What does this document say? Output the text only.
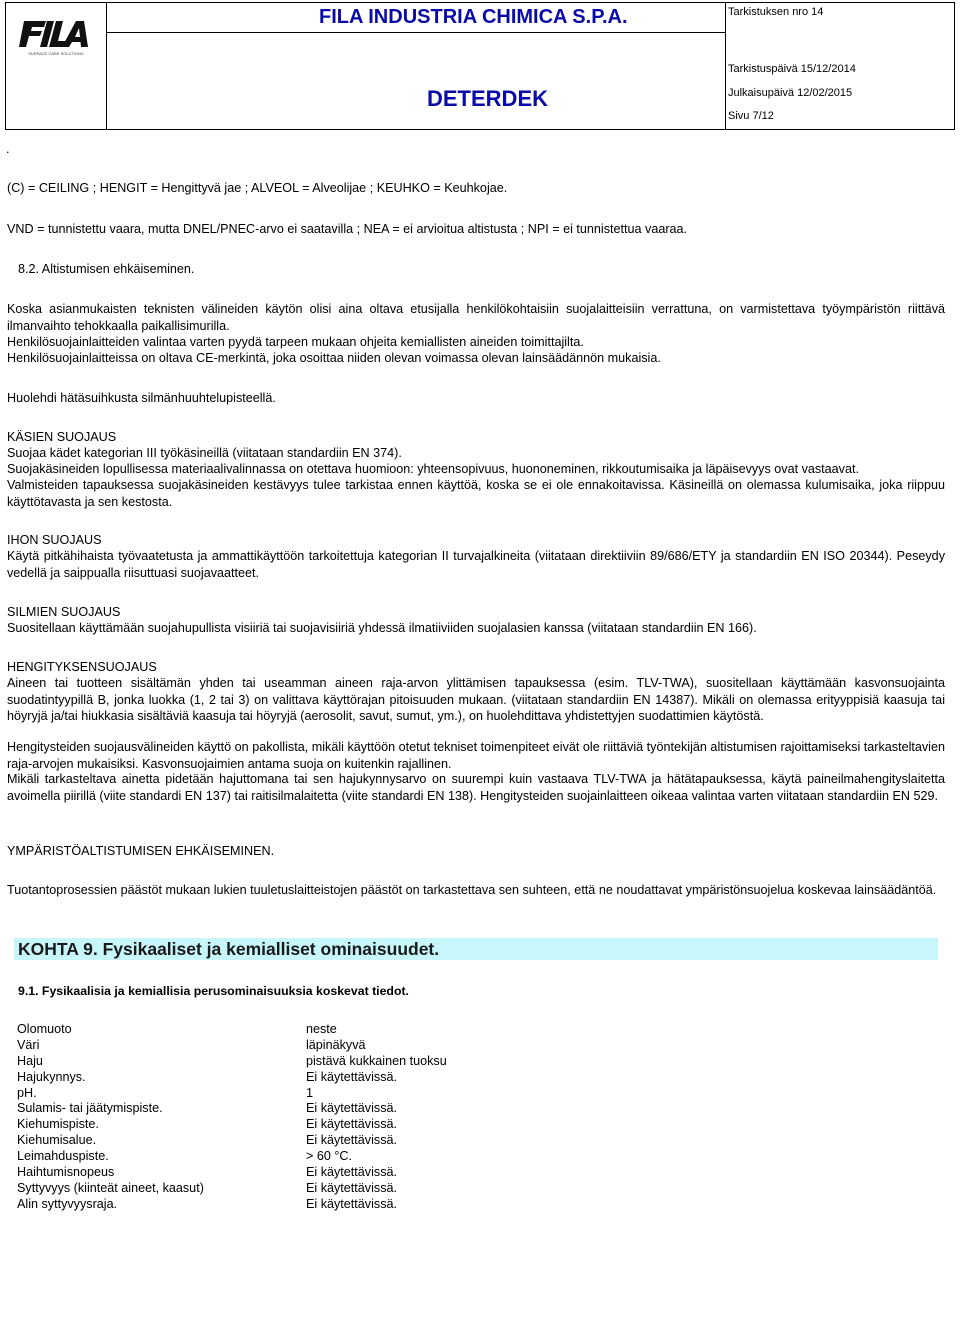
SURFACE CARE SOLUTIONS
FILA INDUSTRIA CHIMICA S.P.A.
DETERDEK
Tarkistuksen nro 14
Tarkistuspäivä 15/12/2014
Julkaisupäivä 12/02/2015
Sivu 7/12
.
(C) = CEILING ; HENGIT = Hengittyvä jae ; ALVEOL = Alveolijae ; KEUHKO = Keuhkojae.
VND = tunnistettu vaara, mutta DNEL/PNEC-arvo ei saatavilla ; NEA = ei arvioitua altistusta ; NPI = ei tunnistettua vaaraa.
8.2. Altistumisen ehkäiseminen.
Koska asianmukaisten teknisten välineiden käytön olisi aina oltava etusijalla henkilökohtaisiin suojalaitteisiin verrattuna, on varmistettava työympäristön riittävä ilmanvaihto tehokkaalla paikallisimurilla.
Henkilösuojainlaitteiden valintaa varten pyydä tarpeen mukaan ohjeita kemiallisten aineiden toimittajilta.
Henkilösuojainlaitteissa on oltava CE-merkintä, joka osoittaa niiden olevan voimassa olevan lainsäädännön mukaisia.
Huolehdi hätäsuihkusta silmänhuuhtelupisteellä.
KÄSIEN SUOJAUS
Suojaa kädet kategorian III työkäsineillä (viitataan standardiin EN 374).
Suojakäsineiden lopullisessa materiaalivalinnassa on otettava huomioon: yhteensopivuus, huononeminen, rikkoutumisaika ja läpäisevyys ovat vastaavat.
Valmisteiden tapauksessa suojakäsineiden kestävyys tulee tarkistaa ennen käyttöä, koska se ei ole ennakoitavissa. Käsineillä on olemassa kulumisaika, joka riippuu käyttötavasta ja sen kestosta.
IHON SUOJAUS
Käytä pitkähihaista työvaatetusta ja ammattikäyttöön tarkoitettuja kategorian II turvajalkineita (viitataan direktiiviin 89/686/ETY ja standardiin EN ISO 20344). Peseydy vedellä ja saippualla riisuttuasi suojavaatteet.
SILMIEN SUOJAUS
Suositellaan käyttämään suojahupullista visiiriä tai suojavisiiriä yhdessä ilmatiiviiden suojalasien kanssa (viitataan standardiin EN 166).
HENGITYKSENSUOJAUS
Aineen tai tuotteen sisältämän yhden tai useamman aineen raja-arvon ylittämisen tapauksessa (esim. TLV-TWA), suositellaan käyttämään kasvonsuojainta suodatintyypillä B, jonka luokka (1, 2 tai 3) on valittava käyttörajan pitoisuuden mukaan. (viitataan standardiin EN 14387). Mikäli on olemassa erityyppisiä kaasuja tai höyryjä ja/tai hiukkasia sisältäviä kaasuja tai höyryjä (aerosolit, savut, sumut, ym.), on huolehdittava yhdistettyjen suodattimien käytöstä.
Hengitysteiden suojausvälineiden käyttö on pakollista, mikäli käyttöön otetut tekniset toimenpiteet eivät ole riittäviä työntekijän altistumisen rajoittamiseksi tarkasteltavien raja-arvojen mukaisiksi. Kasvonsuojaimien antama suoja on kuitenkin rajallinen.
Mikäli tarkasteltava ainetta pidetään hajuttomana tai sen hajukynnysarvo on suurempi kuin vastaava TLV-TWA ja hätätapauksessa, käytä paineilmahengityslaitetta avoimella piirillä (viite standardi EN 137) tai raitisilmalaitetta (viite standardi EN 138). Hengitysteiden suojainlaitteen oikeaa valintaa varten viitataan standardiin EN 529.
YMPÄRISTÖALTISTUMISEN EHKÄISEMINEN.
Tuotantoprosessien päästöt mukaan lukien tuuletuslaitteistojen päästöt on tarkastettava sen suhteen, että ne noudattavat ympäristönsuojelua koskevaa lainsäädäntöä.
KOHTA 9. Fysikaaliset ja kemialliset ominaisuudet.
9.1. Fysikaalisia ja kemiallisia perusominaisuuksia koskevat tiedot.
Olomuoto	neste
Väri	läpinäkyvä
Haju	pistävä kukkainen tuoksu
Hajukynnys.	Ei käytettävissä.
pH.	1
Sulamis- tai jäätymispiste.	Ei käytettävissä.
Kiehumispiste.	Ei käytettävissä.
Kiehumisalue.	Ei käytettävissä.
Leimahduspiste.	> 60 °C.
Haihtumisnopeus	Ei käytettävissä.
Syttyvyys (kiinteät aineet, kaasut)	Ei käytettävissä.
Alin syttyvyysraja.	Ei käytettävissä.
